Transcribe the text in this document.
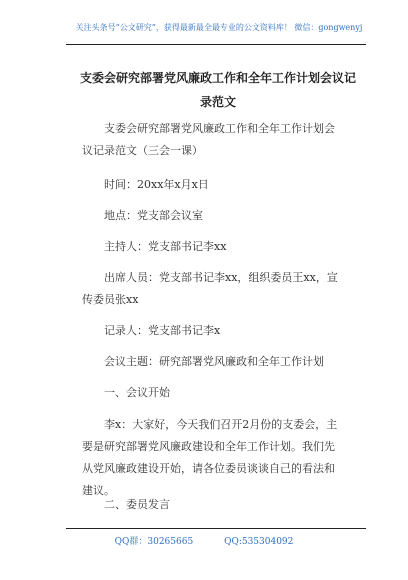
关注头条号“公文研究”，获得最新最全最专业的公文资料库！ 微信：gongwenyj
支委会研究部署党风廉政工作和全年工作计划会议记录范文
支委会研究部署党风廉政工作和全年工作计划会议记录范文（三会一课）
时间：20xx年x月x日
地点：党支部会议室
主持人：党支部书记李xx
出席人员：党支部书记李xx，组织委员王xx，宣传委员张xx
记录人：党支部书记李x
会议主题：研究部署党风廉政和全年工作计划
一、会议开始
李x：大家好，今天我们召开2月份的支委会，主要是研究部署党风廉政建设和全年工作计划。我们先从党风廉政建设开始，请各位委员谈谈自己的看法和建议。
二、委员发言
QQ群：30265665	QQ:535304092
